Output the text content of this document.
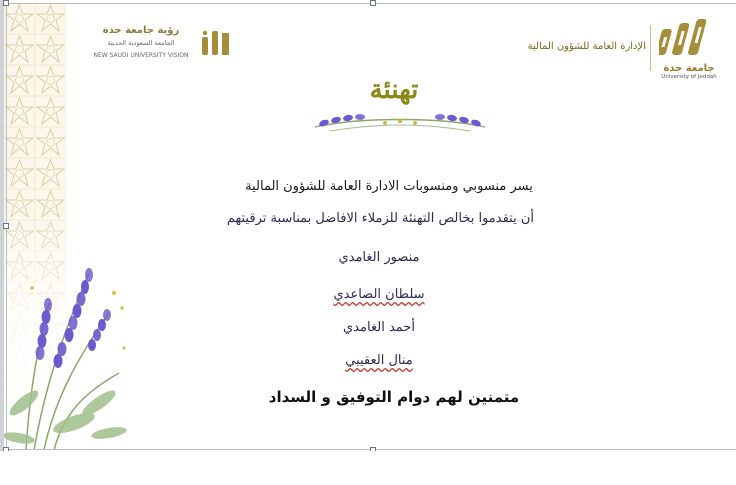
جامعة جدة
University of Jeddah
الإدارة العامة للشؤون المالية
رؤية جامعة جدة
الجامعة السعودية الحديثة
NEW SAUDI UNIVERSITY VISION
تهنئة
يسر منسوبي ومنسوبات الادارة العامة للشؤون المالية
أن يتقدموا بخالص التهنئة للزملاء الافاضل بمناسبة ترقيتهم
منصور الغامدي
سلطان الصاعدي
أحمد الغامدي
منال العقيبي
متمنين لهم دوام التوفيق و السداد
